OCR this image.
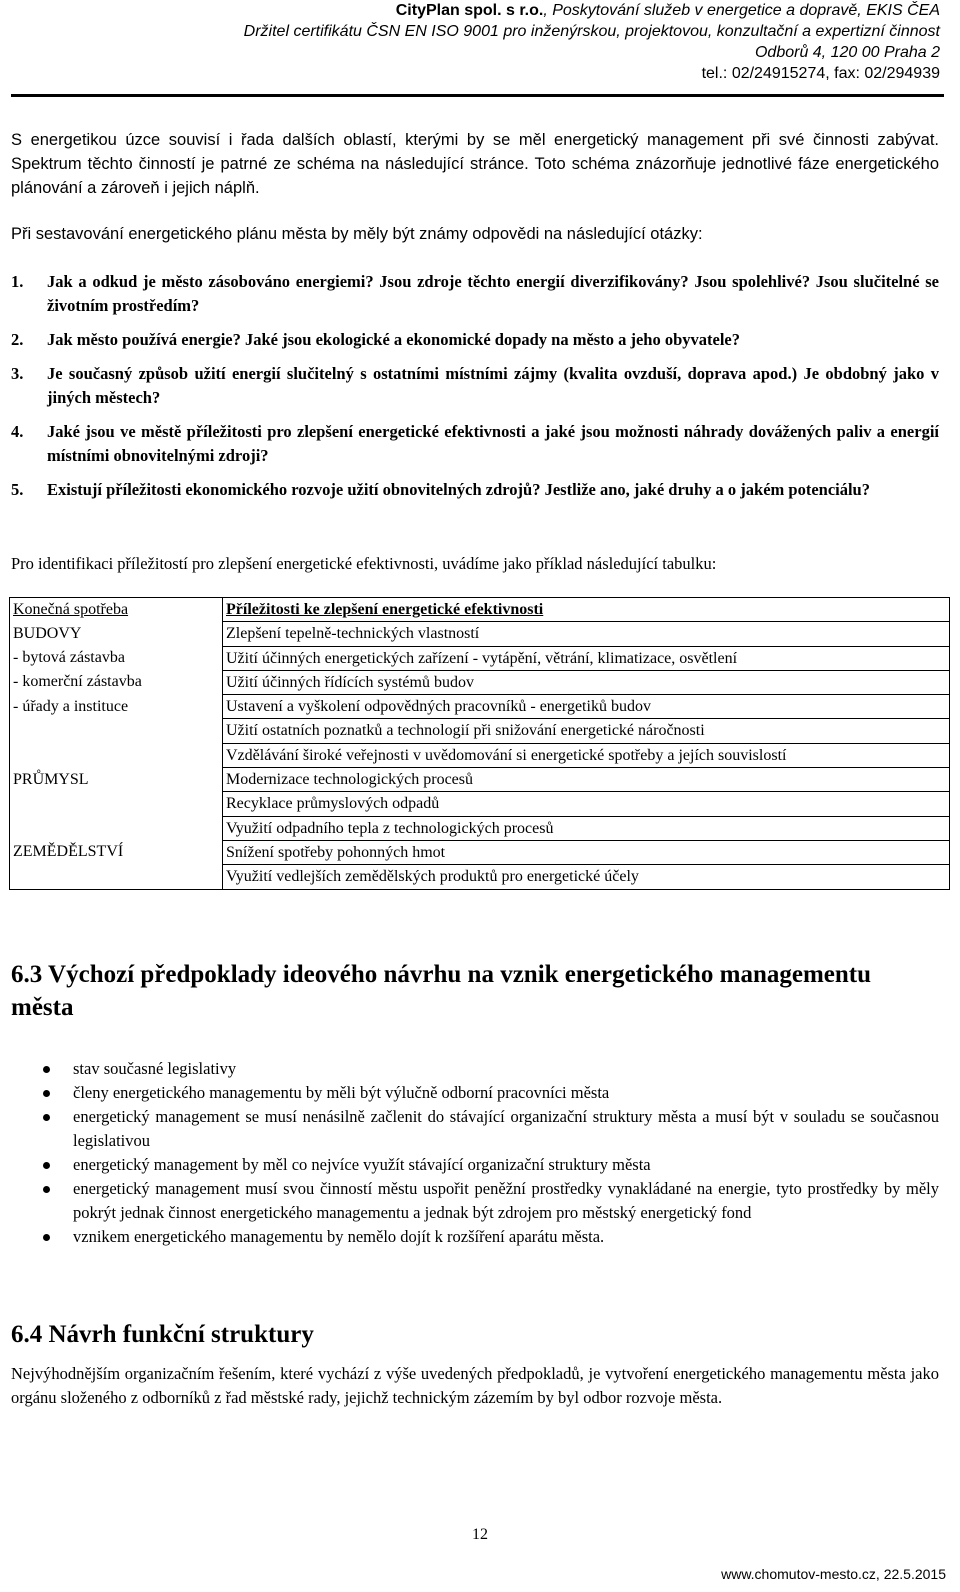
CityPlan spol. s r.o., Poskytování služeb v energetice a dopravě, EKIS ČEA
Držitel certifikátu ČSN EN ISO 9001 pro inženýrskou, projektovou, konzultační a expertizní činnost
Odborů 4, 120 00 Praha 2
tel.: 02/24915274, fax: 02/294939

S energetikou úzce souvisí i řada dalších oblastí, kterými by se měl energetický management při své činnosti zabývat. Spektrum těchto činností je patrné ze schéma na následující stránce. Toto schéma znázorňuje jednotlivé fáze energetického plánování a zároveň i jejich náplň.

Při sestavování energetického plánu města by měly být známy odpovědi na následující otázky:

1.	Jak a odkud je město zásobováno energiemi? Jsou zdroje těchto energií diverzifikovány? Jsou spolehlivé? Jsou slučitelné se životním prostředím?
2.	Jak město používá energie? Jaké jsou ekologické a ekonomické dopady na město a jeho obyvatele?
3.	Je současný způsob užití energií slučitelný s ostatními místními zájmy (kvalita ovzduší, doprava apod.) Je obdobný jako v jiných městech?
4.	Jaké jsou ve městě příležitosti pro zlepšení energetické efektivnosti a jaké jsou možnosti náhrady dovážených paliv a energií místními obnovitelnými zdroji?
5.	Existují příležitosti ekonomického rozvoje užití obnovitelných zdrojů? Jestliže ano, jaké druhy a o jakém potenciálu?

Pro identifikaci příležitostí pro zlepšení energetické efektivnosti, uvádíme jako příklad následující tabulku:

Konečná spotřeba	Příležitosti ke zlepšení energetické efektivnosti
BUDOVY	Zlepšení tepelně-technických vlastností
- bytová zástavba	Užití účinných energetických zařízení - vytápění, větrání, klimatizace, osvětlení
- komerční zástavba	Užití účinných řídících systémů budov
- úřady a instituce	Ustavení a vyškolení odpovědných pracovníků - energetiků budov
	Užití ostatních poznatků a technologií při snižování energetické náročnosti
	Vzdělávání široké veřejnosti v uvědomování si energetické spotřeby a jejích souvislostí
PRŮMYSL	Modernizace technologických procesů
	Recyklace průmyslových odpadů
	Využití odpadního tepla z technologických procesů
ZEMĚDĚLSTVÍ	Snížení spotřeby pohonných hmot
	Využití vedlejších zemědělských produktů pro energetické účely
6.3 Výchozí předpoklady ideového návrhu na vznik energetického managementu města
stav současné legislativy
členy energetického managementu by měli být výlučně odborní pracovníci města
energetický management se musí nenásilně začlenit do stávající organizační struktury města a musí být v souladu se současnou legislativou
energetický management by měl co nejvíce využít stávající organizační struktury města
energetický management musí svou činností městu uspořit peněžní prostředky vynakládané na energie, tyto prostředky by měly pokrýt jednak činnost energetického managementu a jednak být zdrojem pro městský energetický fond
vznikem energetického managementu by nemělo dojít k rozšíření aparátu města.
6.4 Návrh funkční struktury

Nejvýhodnějším organizačním řešením, které vychází z výše uvedených předpokladů, je vytvoření energetického managementu města jako orgánu složeného z odborníků z řad městské rady, jejichž technickým zázemím by byl odbor rozvoje města.

12
www.chomutov-mesto.cz, 22.5.2015
